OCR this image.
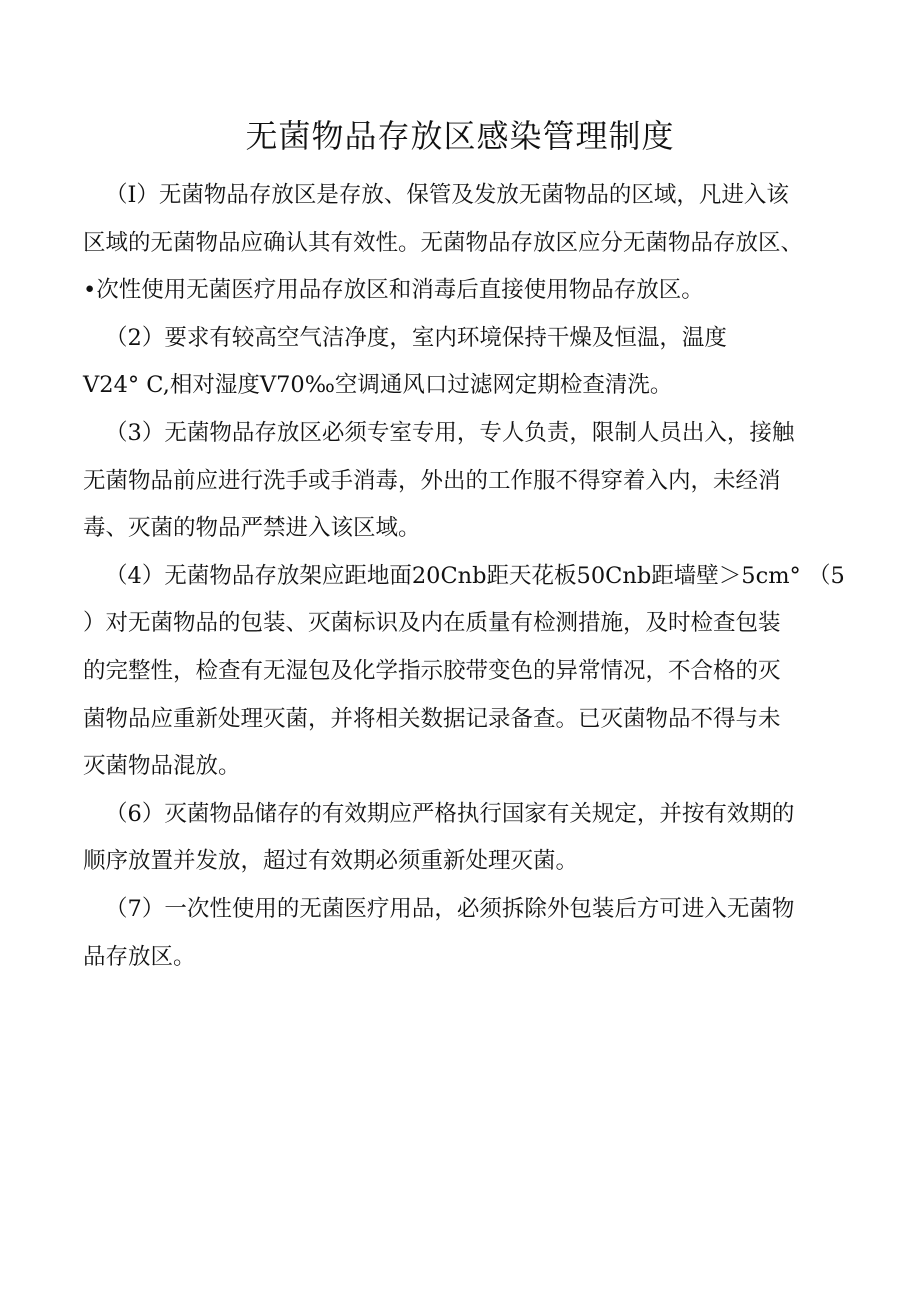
无菌物品存放区感染管理制度

（I）无菌物品存放区是存放、保管及发放无菌物品的区域，凡进入该
区域的无菌物品应确认其有效性。无菌物品存放区应分无菌物品存放区、
•次性使用无菌医疗用品存放区和消毒后直接使用物品存放区。

（2）要求有较高空气洁净度，室内环境保持干燥及恒温，温度
V24° C,相对湿度V70‰空调通风口过滤网定期检查清洗。

（3）无菌物品存放区必须专室专用，专人负责，限制人员出入，接触
无菌物品前应进行洗手或手消毒，外出的工作服不得穿着入内，未经消
毒、灭菌的物品严禁进入该区域。

（4）无菌物品存放架应距地面20Cnb距天花板50Cnb距墙壁＞5cm° （5
）对无菌物品的包装、灭菌标识及内在质量有检测措施，及时检查包装
的完整性，检查有无湿包及化学指示胶带变色的异常情况，不合格的灭
菌物品应重新处理灭菌，并将相关数据记录备查。已灭菌物品不得与未
灭菌物品混放。

（6）灭菌物品储存的有效期应严格执行国家有关规定，并按有效期的
顺序放置并发放，超过有效期必须重新处理灭菌。

（7）一次性使用的无菌医疗用品，必须拆除外包装后方可进入无菌物
品存放区。
